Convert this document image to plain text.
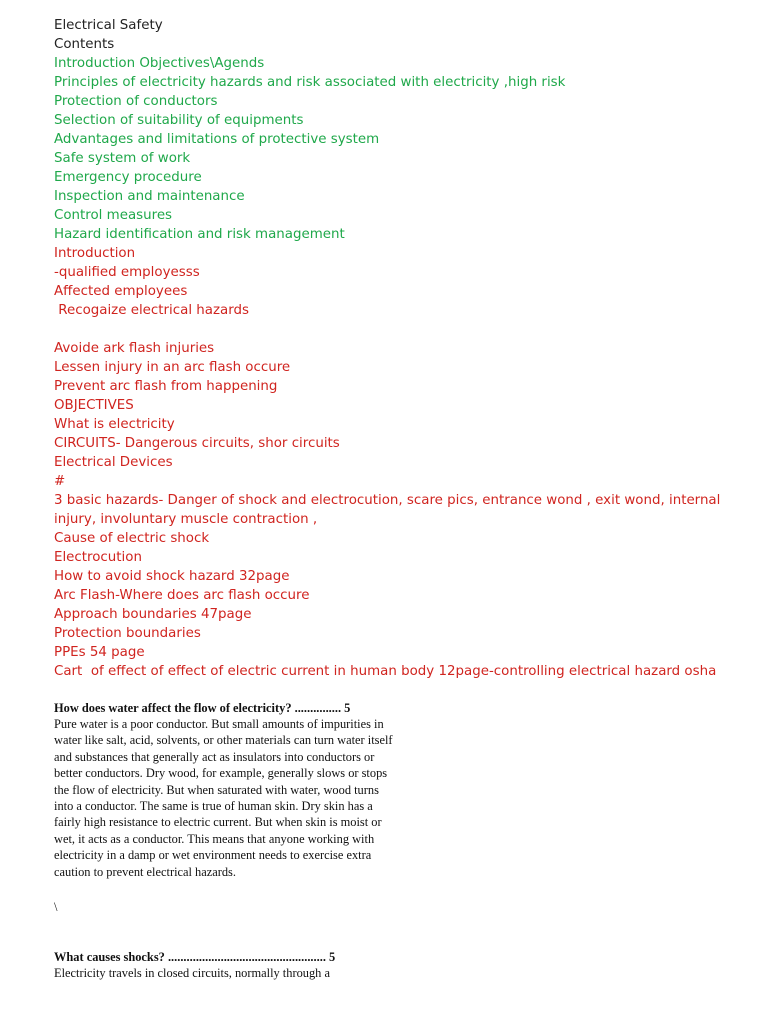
Electrical Safety

Contents

Introduction Objectives\Agends

Principles of electricity hazards and risk associated with electricity ,high risk

Protection of conductors

Selection of suitability of equipments

Advantages and limitations of protective system

Safe system of work

Emergency procedure

Inspection and maintenance

Control measures

Hazard identification and risk management

Introduction

-qualified employesss

Affected employees

Recogaize electrical hazards

Avoide ark flash injuries

Lessen injury in an arc flash occure

Prevent arc flash from happening

OBJECTIVES

What is electricity

CIRCUITS- Dangerous circuits, shor circuits

Electrical Devices

#

3 basic hazards- Danger of shock and electrocution, scare pics, entrance wond , exit wond, internal injury, involuntary muscle contraction ,

Cause of electric shock

Electrocution

How to avoid shock hazard 32page

Arc Flash-Where does arc flash occure

Approach boundaries 47page

Protection boundaries

PPEs 54 page

Cart  of effect of effect of electric current in human body 12page-controlling electrical hazard osha

How does water affect the flow of electricity? ............... 5

Pure water is a poor conductor. But small amounts of impurities in water like salt, acid, solvents, or other materials can turn water itself and substances that generally act as insulators into conductors or better conductors. Dry wood, for example, generally slows or stops the flow of electricity. But when saturated with water, wood turns into a conductor. The same is true of human skin. Dry skin has a fairly high resistance to electric current. But when skin is moist or wet, it acts as a conductor. This means that anyone working with electricity in a damp or wet environment needs to exercise extra caution to prevent electrical hazards.

\

What causes shocks? ................................................... 5

Electricity travels in closed circuits, normally through a
